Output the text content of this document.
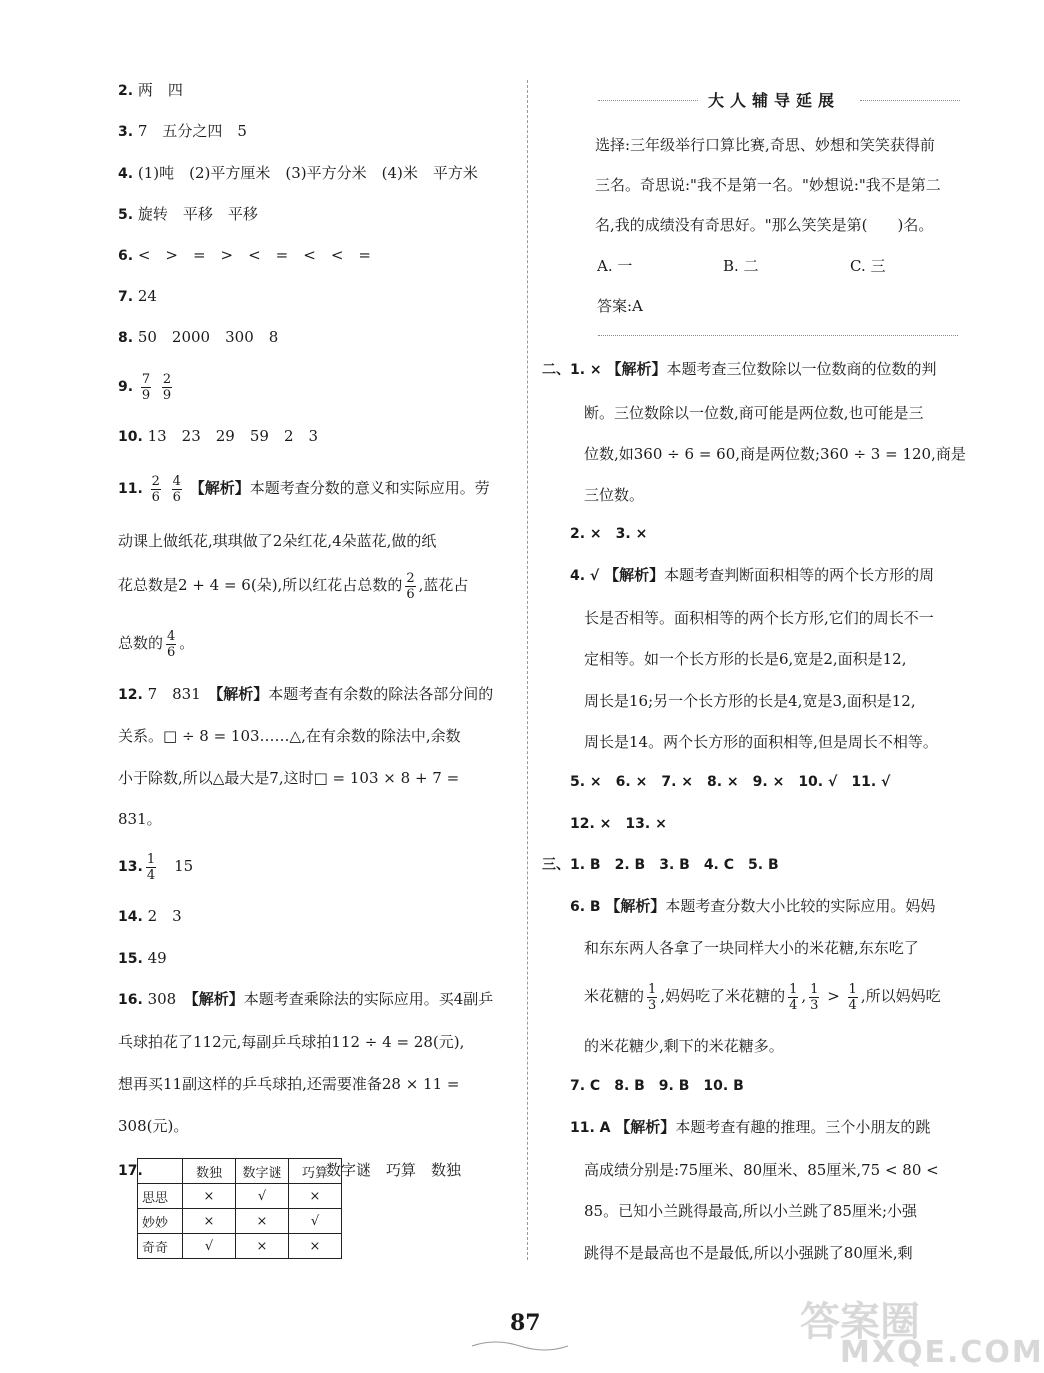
2. 两　四
3. 7　五分之四　5
4. (1)吨　(2)平方厘米　(3)平方分米　(4)米　平方米
5. 旋转　平移　平移
6. <　>　=　>　<　=　<　<　=
7. 24
8. 50　2000　300　8
9. $\frac{7}{9}$
$\frac{2}{9}$
10. 13　23　29　59　2　3
11. $\frac{2}{6}$
$\frac{4}{6}$ 【解析】本题考查分数的意义和实际应用。劳
动课上做纸花,琪琪做了2朵红花,4朵蓝花,做的纸
花总数是2 + 4 = 6(朵),所以红花占总数的 $\frac{2}{6}$ ,蓝花占
总数的 $\frac{4}{6}$ 。
12. 7　831　【解析】本题考查有余数的除法各部分间的
关系。□ ÷ 8 = 103……△,在有余数的除法中,余数
小于除数,所以△最大是7,这时□ = 103 × 8 + 7 =
831。
13. $\frac{1}{4}$
　 15
14. 2　3
15. 49
16. 308　【解析】本题考查乘除法的实际应用。买4副乒
乓球拍花了112元,每副乒乓球拍112 ÷ 4 = 28(元),
想再买11副这样的乒乓球拍,还需要准备28 × 11 =
308(元)。
17.
		数独	数字谜	巧算
思思	×	√	×
妙妙	×	×	√
奇奇	√	×	×
数字谜　巧算　数独
大人辅导延展
选择:三年级举行口算比赛,奇思、妙想和笑笑获得前
三名。奇思说:"我不是第一名。"妙想说:"我不是第二
名,我的成绩没有奇思好。"那么笑笑是第(　　)名。
A. 一	B. 二	C. 三
答案:A
二、1. × 【解析】本题考查三位数除以一位数商的位数的判
断。三位数除以一位数,商可能是两位数,也可能是三
位数,如360 ÷ 6 = 60,商是两位数;360 ÷ 3 = 120,商是
三位数。
2. ×　3. ×
4. √ 【解析】本题考查判断面积相等的两个长方形的周
长是否相等。面积相等的两个长方形,它们的周长不一
定相等。如一个长方形的长是6,宽是2,面积是12,
周长是16;另一个长方形的长是4,宽是3,面积是12,
周长是14。两个长方形的面积相等,但是周长不相等。
5. ×　6. ×　7. ×　8. ×　9. ×　10. √　11. √
12. ×　13. ×
三、1. B　2. B　3. B　4. C　5. B
6. B 【解析】本题考查分数大小比较的实际应用。妈妈
和东东两人各拿了一块同样大小的米花糖,东东吃了
米花糖的 $\frac{1}{3}$ ,妈妈吃了米花糖的 $\frac{1}{4}$ , $\frac{1}{3} > \frac{1}{4}$ ,所以妈妈吃
的米花糖少,剩下的米花糖多。
7. C　8. B　9. B　10. B
11. A 【解析】本题考查有趣的推理。三个小朋友的跳
高成绩分别是:75厘米、80厘米、85厘米,75 < 80 <
85。已知小兰跳得最高,所以小兰跳了85厘米;小强
跳得不是最高也不是最低,所以小强跳了80厘米,剩
87	答案圈
MXQE.COM
